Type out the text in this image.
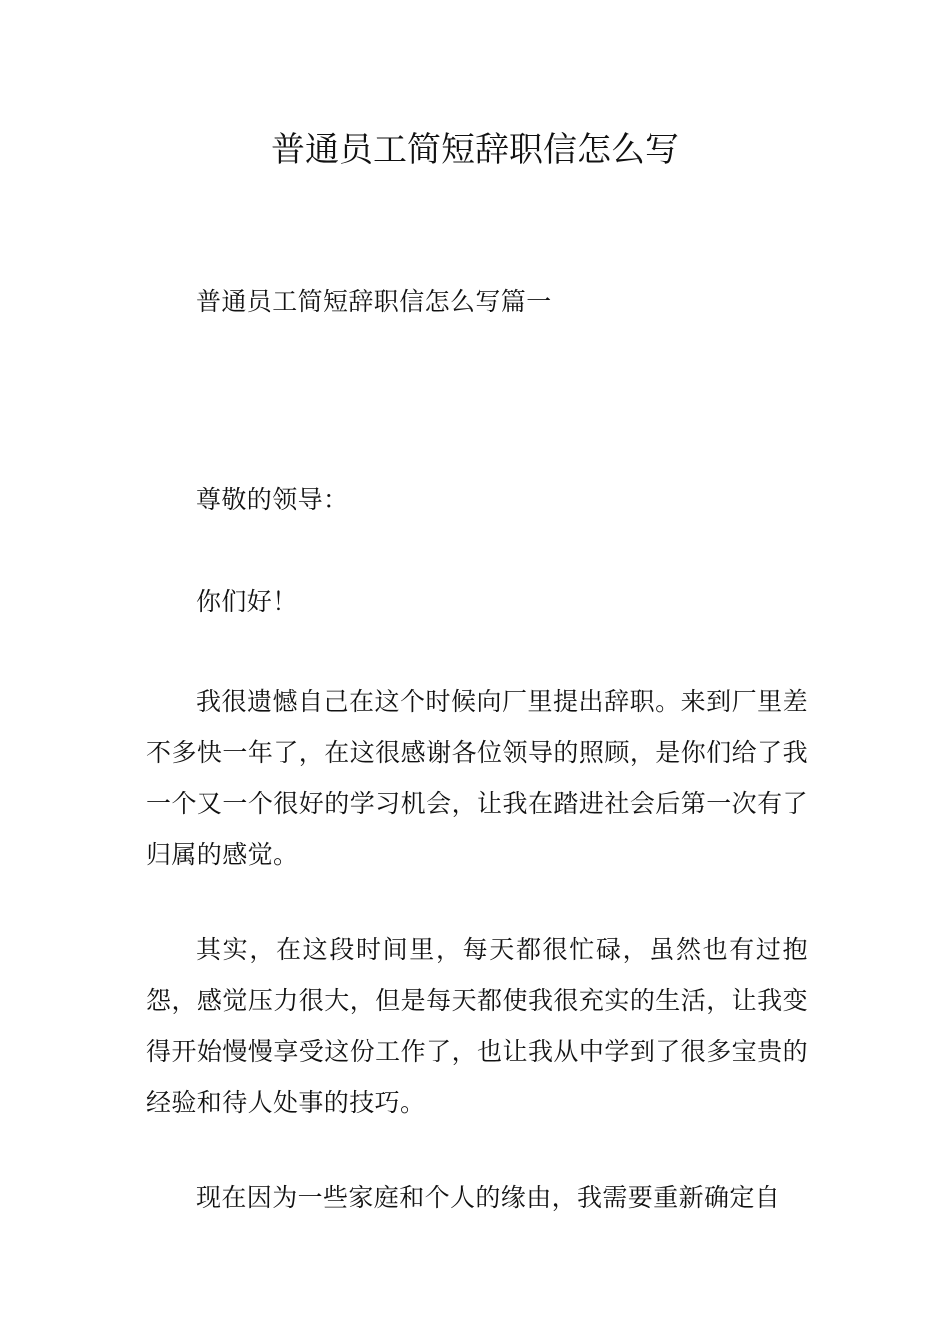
普通员工简短辞职信怎么写

普通员工简短辞职信怎么写篇一

尊敬的领导：

你们好！

我很遗憾自己在这个时候向厂里提出辞职。来到厂里差不多快一年了，在这很感谢各位领导的照顾，是你们给了我一个又一个很好的学习机会，让我在踏进社会后第一次有了归属的感觉。

其实，在这段时间里，每天都很忙碌，虽然也有过抱怨，感觉压力很大，但是每天都使我很充实的生活，让我变得开始慢慢享受这份工作了，也让我从中学到了很多宝贵的经验和待人处事的技巧。

现在因为一些家庭和个人的缘由，我需要重新确定自
